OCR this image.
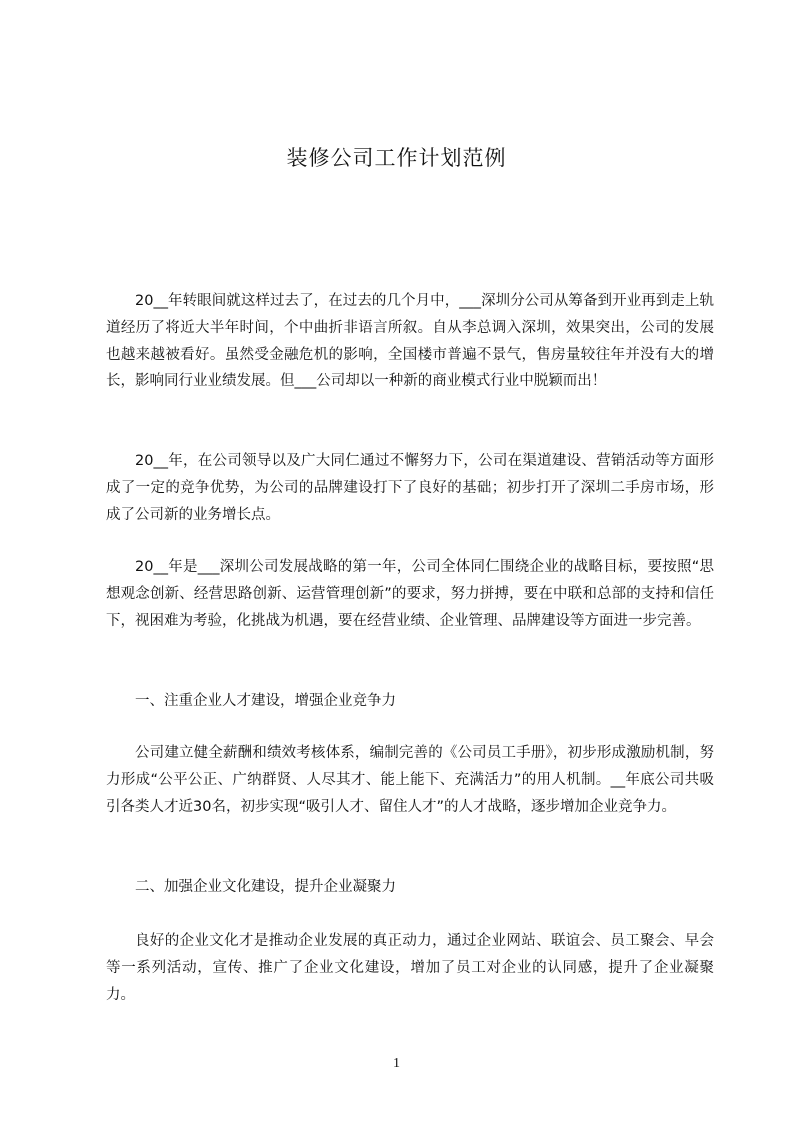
装修公司工作计划范例

20__年转眼间就这样过去了，在过去的几个月中，___深圳分公司从筹备到开业再到走上轨道经历了将近大半年时间，个中曲折非语言所叙。自从李总调入深圳，效果突出，公司的发展也越来越被看好。虽然受金融危机的影响，全国楼市普遍不景气，售房量较往年并没有大的增长，影响同行业业绩发展。但___公司却以一种新的商业模式行业中脱颖而出！

20__年，在公司领导以及广大同仁通过不懈努力下，公司在渠道建设、营销活动等方面形成了一定的竞争优势，为公司的品牌建设打下了良好的基础；初步打开了深圳二手房市场，形成了公司新的业务增长点。

20__年是___深圳公司发展战略的第一年，公司全体同仁围绕企业的战略目标，要按照“思想观念创新、经营思路创新、运营管理创新”的要求，努力拼搏，要在中联和总部的支持和信任下，视困难为考验，化挑战为机遇，要在经营业绩、企业管理、品牌建设等方面进一步完善。

一、注重企业人才建设，增强企业竞争力

公司建立健全薪酬和绩效考核体系，编制完善的《公司员工手册》，初步形成激励机制，努力形成“公平公正、广纳群贤、人尽其才、能上能下、充满活力”的用人机制。__年底公司共吸引各类人才近30名，初步实现“吸引人才、留住人才”的人才战略，逐步增加企业竞争力。

二、加强企业文化建设，提升企业凝聚力

良好的企业文化才是推动企业发展的真正动力，通过企业网站、联谊会、员工聚会、早会等一系列活动，宣传、推广了企业文化建设，增加了员工对企业的认同感，提升了企业凝聚力。

1
